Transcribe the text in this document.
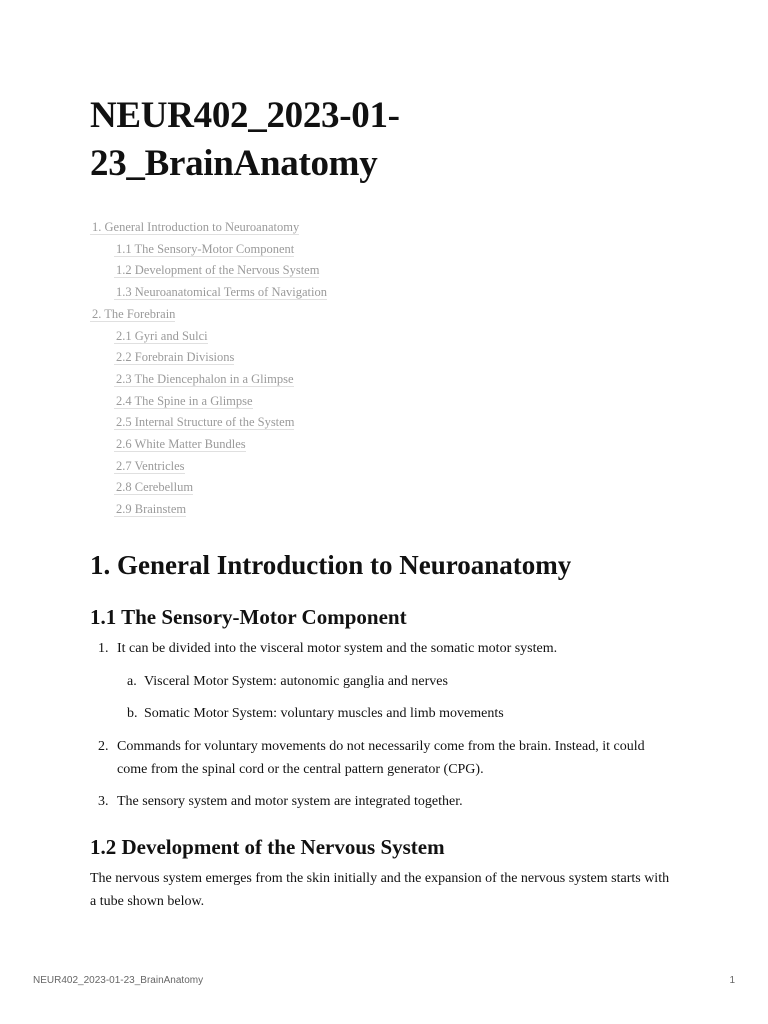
NEUR402_2023-01-23_BrainAnatomy
1. General Introduction to Neuroanatomy
1.1 The Sensory-Motor Component
1.2 Development of the Nervous System
1.3 Neuroanatomical Terms of Navigation
2. The Forebrain
2.1 Gyri and Sulci
2.2 Forebrain Divisions
2.3 The Diencephalon in a Glimpse
2.4 The Spine in a Glimpse
2.5 Internal Structure of the System
2.6 White Matter Bundles
2.7 Ventricles
2.8 Cerebellum
2.9 Brainstem
1. General Introduction to Neuroanatomy
1.1 The Sensory-Motor Component
1. It can be divided into the visceral motor system and the somatic motor system.
a. Visceral Motor System: autonomic ganglia and nerves
b. Somatic Motor System: voluntary muscles and limb movements
2. Commands for voluntary movements do not necessarily come from the brain. Instead, it could come from the spinal cord or the central pattern generator (CPG).
3. The sensory system and motor system are integrated together.
1.2 Development of the Nervous System

The nervous system emerges from the skin initially and the expansion of the nervous system starts with a tube shown below.

NEUR402_2023-01-23_BrainAnatomy	1
